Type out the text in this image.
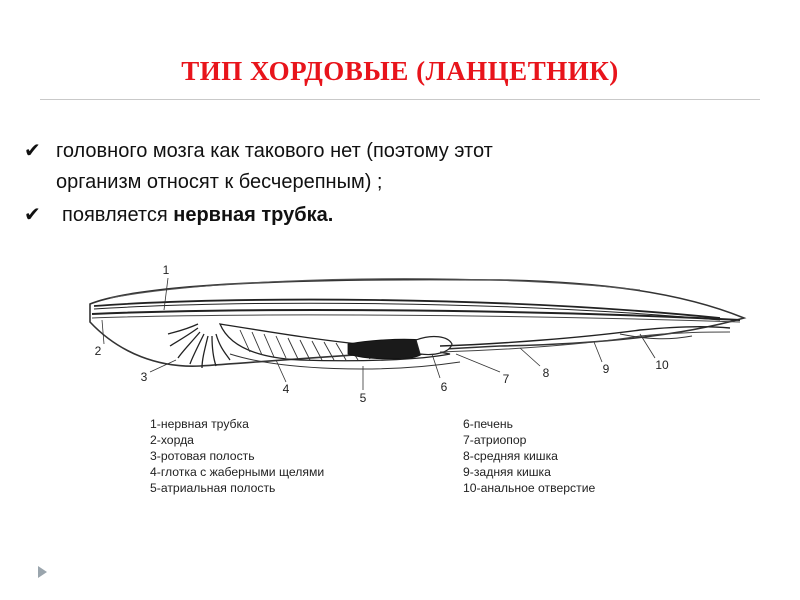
ТИП ХОРДОВЫЕ (ЛАНЦЕТНИК)
✔ головного мозга как такового нет (поэтому этот
организм относят к бесчерепным) ;
✔ появляется нервная трубка.
1
2
3
4
5
6
7	8	9	10
1-нервная трубка
2-хорда
3-ротовая полость
4-глотка с жаберными щелями
5-атриальная полость
6-печень
7-атриопор
8-средняя кишка
9-задняя кишка
10-анальное отверстие
